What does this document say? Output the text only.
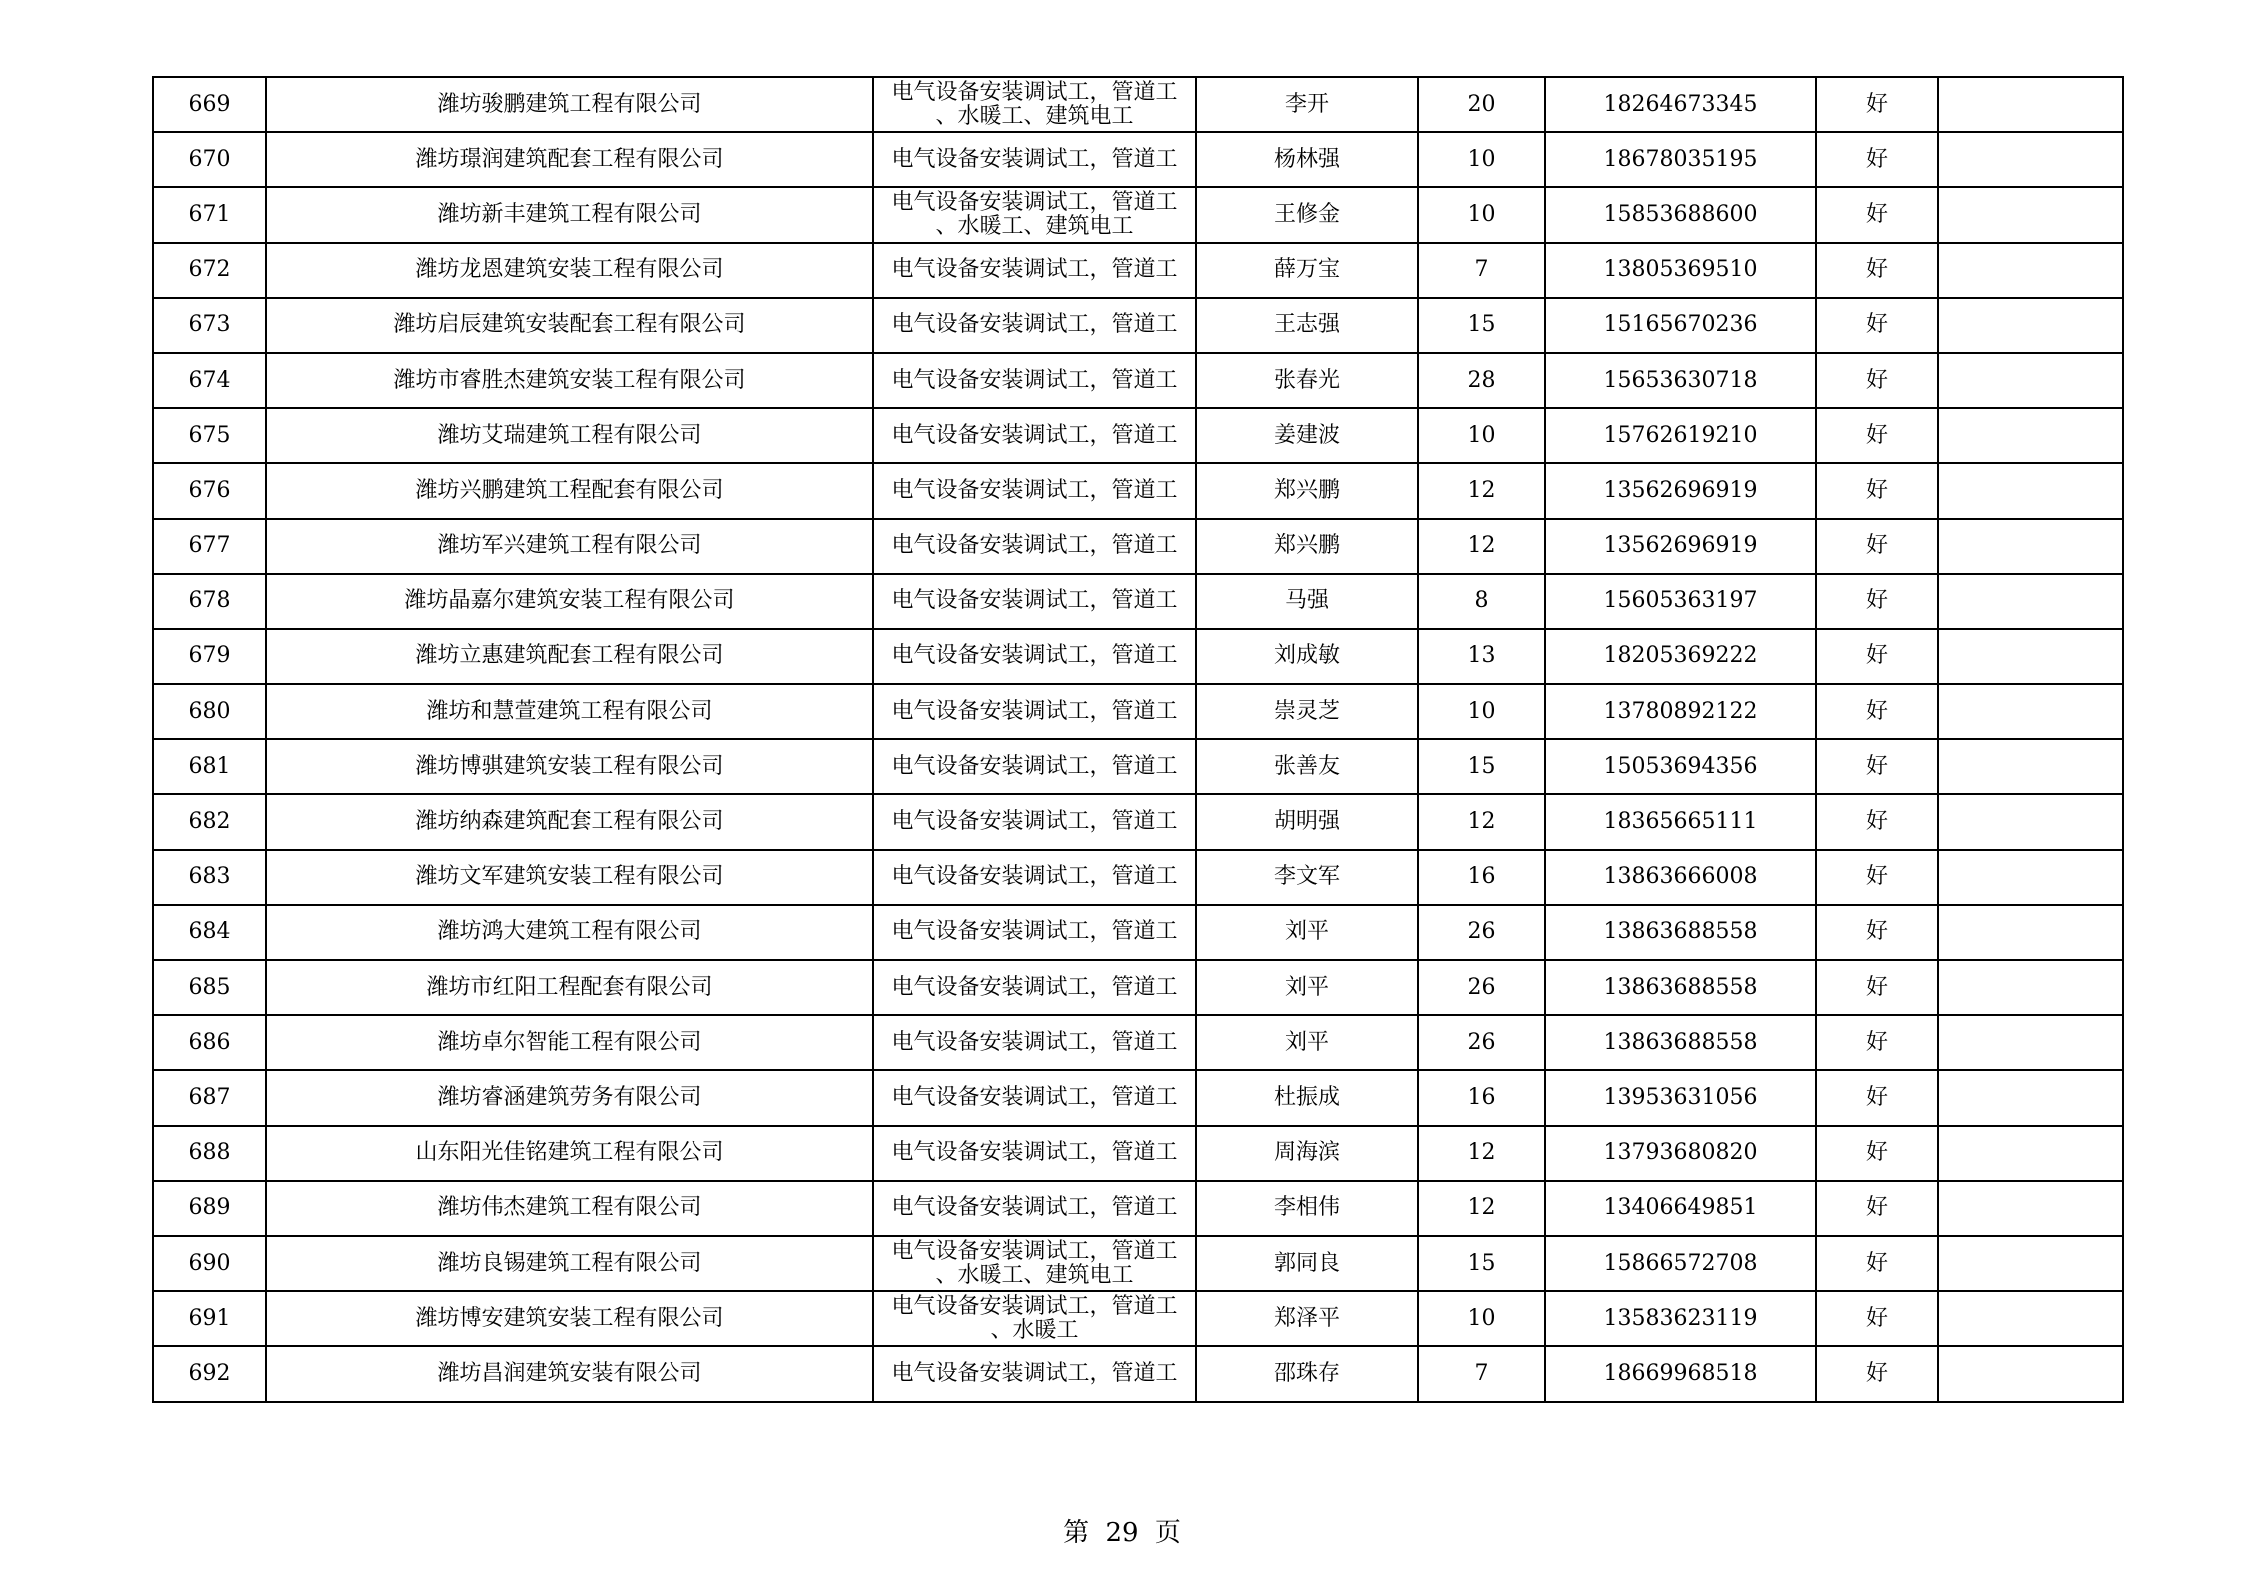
669	潍坊骏鹏建筑工程有限公司	电气设备安装调试工，管道工
、水暖工、建筑电工	李开	20	18264673345	好	
670	潍坊璟润建筑配套工程有限公司	电气设备安装调试工，管道工	杨林强	10	18678035195	好	
671	潍坊新丰建筑工程有限公司	电气设备安装调试工，管道工
、水暖工、建筑电工	王修金	10	15853688600	好	
672	潍坊龙恩建筑安装工程有限公司	电气设备安装调试工，管道工	薛万宝	7	13805369510	好	
673	潍坊启辰建筑安装配套工程有限公司	电气设备安装调试工，管道工	王志强	15	15165670236	好	
674	潍坊市睿胜杰建筑安装工程有限公司	电气设备安装调试工，管道工	张春光	28	15653630718	好	
675	潍坊艾瑞建筑工程有限公司	电气设备安装调试工，管道工	姜建波	10	15762619210	好	
676	潍坊兴鹏建筑工程配套有限公司	电气设备安装调试工，管道工	郑兴鹏	12	13562696919	好	
677	潍坊军兴建筑工程有限公司	电气设备安装调试工，管道工	郑兴鹏	12	13562696919	好	
678	潍坊晶嘉尔建筑安装工程有限公司	电气设备安装调试工，管道工	马强	8	15605363197	好	
679	潍坊立惠建筑配套工程有限公司	电气设备安装调试工，管道工	刘成敏	13	18205369222	好	
680	潍坊和慧萱建筑工程有限公司	电气设备安装调试工，管道工	崇灵芝	10	13780892122	好	
681	潍坊博骐建筑安装工程有限公司	电气设备安装调试工，管道工	张善友	15	15053694356	好	
682	潍坊纳森建筑配套工程有限公司	电气设备安装调试工，管道工	胡明强	12	18365665111	好	
683	潍坊文军建筑安装工程有限公司	电气设备安装调试工，管道工	李文军	16	13863666008	好	
684	潍坊鸿大建筑工程有限公司	电气设备安装调试工，管道工	刘平	26	13863688558	好	
685	潍坊市红阳工程配套有限公司	电气设备安装调试工，管道工	刘平	26	13863688558	好	
686	潍坊卓尔智能工程有限公司	电气设备安装调试工，管道工	刘平	26	13863688558	好	
687	潍坊睿涵建筑劳务有限公司	电气设备安装调试工，管道工	杜振成	16	13953631056	好	
688	山东阳光佳铭建筑工程有限公司	电气设备安装调试工，管道工	周海滨	12	13793680820	好	
689	潍坊伟杰建筑工程有限公司	电气设备安装调试工，管道工	李相伟	12	13406649851	好	
690	潍坊良锡建筑工程有限公司	电气设备安装调试工，管道工
、水暖工、建筑电工	郭同良	15	15866572708	好	
691	潍坊博安建筑安装工程有限公司	电气设备安装调试工，管道工
、水暖工	郑泽平	10	13583623119	好	
692	潍坊昌润建筑安装有限公司	电气设备安装调试工，管道工	邵珠存	7	18669968518	好	
第 29 页
